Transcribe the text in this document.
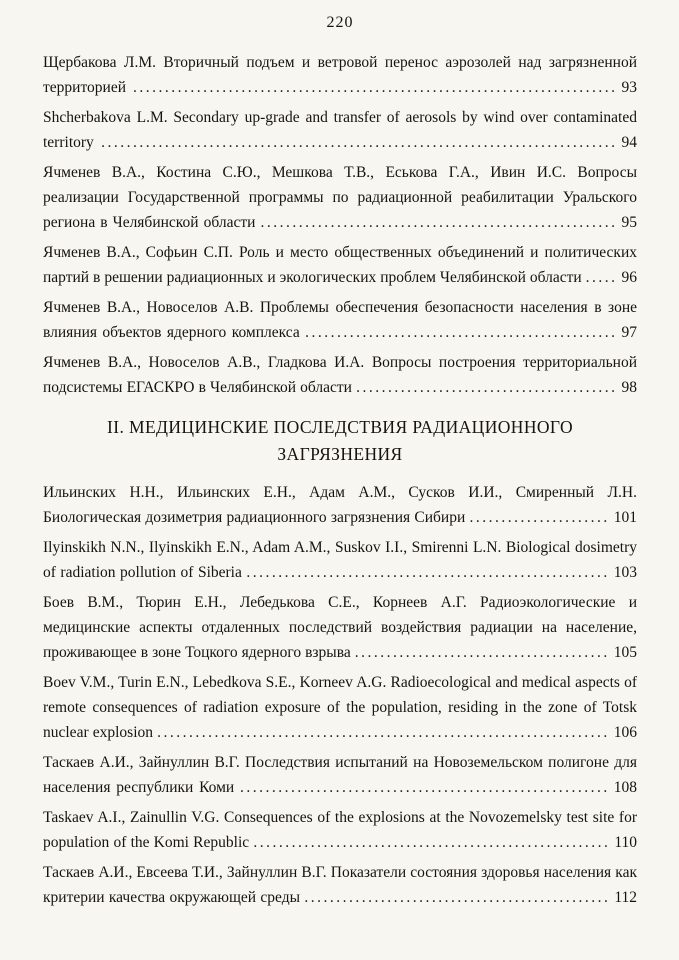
220

Щербакова Л.М. Вторичный подъем и ветровой перенос аэрозолей над загрязненной территорией ............................................................................ 93

Shcherbakova L.M. Secondary up-grade and transfer of aerosols by wind over contaminated territory ................................................................................. 94

Ячменев В.А., Костина С.Ю., Мешкова Т.В., Еськова Г.А., Ивин И.С. Вопросы реализации Государственной программы по радиационной реабилитации Уральского региона в Челябинской области ........................................................ 95

Ячменев В.А., Софьин С.П. Роль и место общественных объединений и политических партий в решении радиационных и экологических проблем Челябинской области ..... 96

Ячменев В.А., Новоселов А.В. Проблемы обеспечения безопасности населения в зоне влияния объектов ядерного комплекса ................................................. 97

Ячменев В.А., Новоселов А.В., Гладкова И.А. Вопросы построения территориальной подсистемы ЕГАСКРО в Челябинской области ......................................... 98

II. МЕДИЦИНСКИЕ ПОСЛЕДСТВИЯ РАДИАЦИОННОГО
ЗАГРЯЗНЕНИЯ

Ильинских Н.Н., Ильинских Е.Н., Адам А.М., Сусков И.И., Смиренный Л.Н. Биологическая дозиметрия радиационного загрязнения Сибири ...................... 101

Ilyinskikh N.N., Ilyinskikh E.N., Adam A.M., Suskov I.I., Smirenni L.N. Biological dosimetry of radiation pollution of Siberia ......................................................... 103

Боев В.М., Тюрин Е.Н., Лебедькова С.Е., Корнеев А.Г. Радиоэкологические и медицинские аспекты отдаленных последствий воздействия радиации на население, проживающее в зоне Тоцкого ядерного взрыва ........................................ 105

Boev V.M., Turin E.N., Lebedkova S.E., Korneev A.G. Radioecological and medical aspects of remote consequences of radiation exposure of the population, residing in the zone of Totsk nuclear explosion ....................................................................... 106

Таскаев А.И., Зайнуллин В.Г. Последствия испытаний на Новоземельском полигоне для населения республики Коми .......................................................... 108

Taskaev A.I., Zainullin V.G. Consequences of the explosions at the Novozemelsky test site for population of the Komi Republic ........................................................ 110

Таскаев А.И., Евсеева Т.И., Зайнуллин В.Г. Показатели состояния здоровья населения как критерии качества окружающей среды ................................................ 112
